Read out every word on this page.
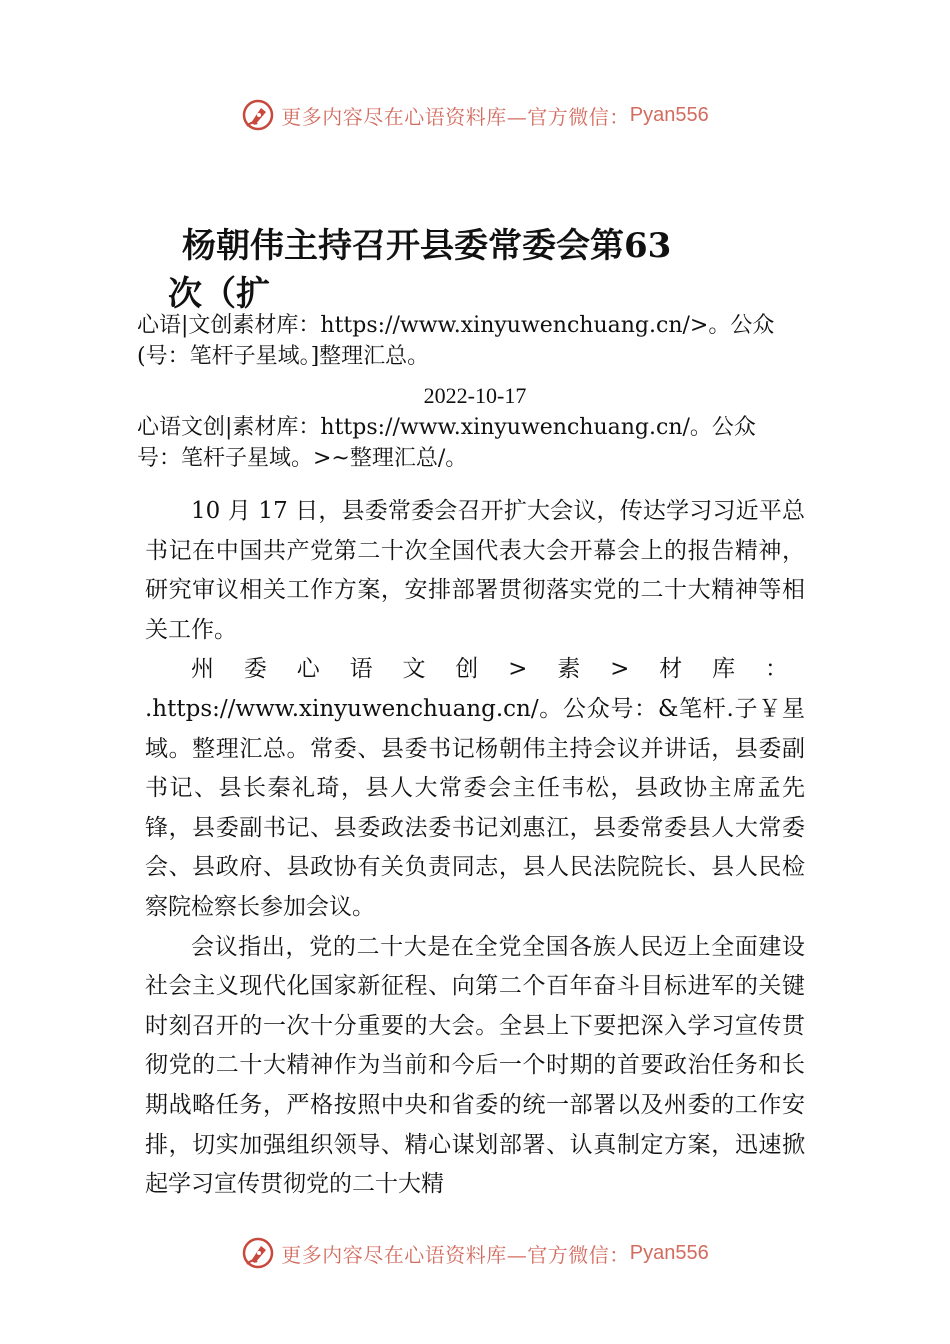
更多内容尽在心语资料库—官方微信： Pyan556
杨朝伟主持召开县委常委会第63
次（扩
心语|文创素材库：https://www.xinyuwenchuang.cn/>。公众
(号：笔杆子星域。]整理汇总。
2022-10-17
心语文创|素材库：https://www.xinyuwenchuang.cn/。公众
号：笔杆子星域。>~整理汇总/。

10 月 17 日，县委常委会召开扩大会议，传达学习习近平总书记在中国共产党第二十次全国代表大会开幕会上的报告精神，研究审议相关工作方案，安排部署贯彻落实党的二十大精神等相关工作。

州委心语文创>素>材库： .https://www.xinyuwenchuang.cn/。公众号：&笔杆.子￥星域。整理汇总。常委、县委书记杨朝伟主持会议并讲话，县委副书记、县长秦礼琦，县人大常委会主任韦松，县政协主席孟先锋，县委副书记、县委政法委书记刘惠江，县委常委县人大常委会、县政府、县政协有关负责同志，县人民法院院长、县人民检察院检察长参加会议。

会议指出，党的二十大是在全党全国各族人民迈上全面建设社会主义现代化国家新征程、向第二个百年奋斗目标进军的关键时刻召开的一次十分重要的大会。全县上下要把深入学习宣传贯彻党的二十大精神作为当前和今后一个时期的首要政治任务和长期战略任务，严格按照中央和省委的统一部署以及州委的工作安排，切实加强组织领导、精心谋划部署、认真制定方案，迅速掀起学习宣传贯彻党的二十大精

更多内容尽在心语资料库—官方微信： Pyan556
